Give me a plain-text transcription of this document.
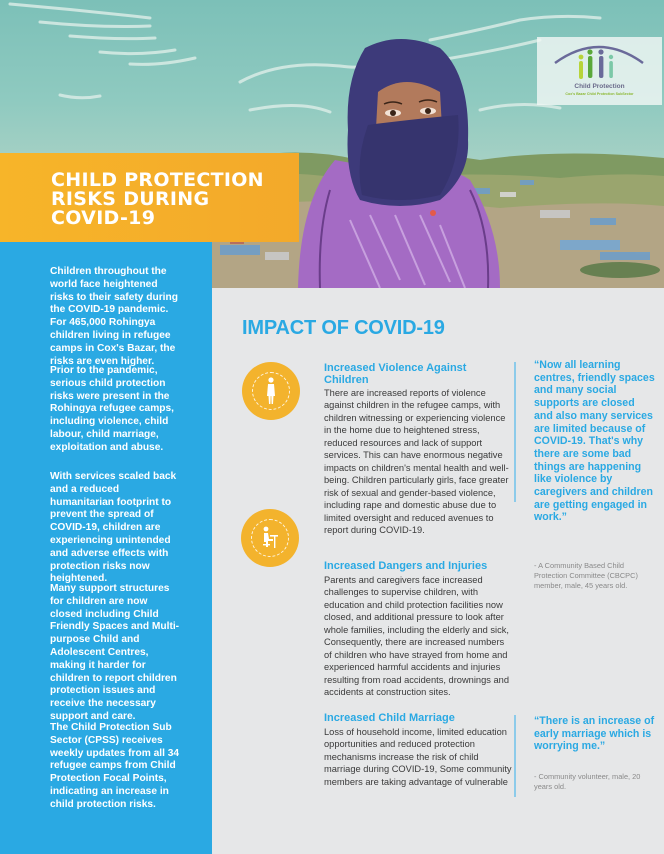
Child Protection
Cox's Bazar Child Protection SubSector
CHILD PROTECTION RISKS DURING COVID-19

Children throughout the world face heightened risks to their safety during the COVID-19 pandemic. For 465,000 Rohingya children living in refugee camps in Cox's Bazar, the risks are even higher.

Prior to the pandemic, serious child protection risks were present in the Rohingya refugee camps, including violence, child labour, child marriage, exploitation and abuse.

With services scaled back and a reduced humanitarian footprint to prevent the spread of COVID-19, children are experiencing unintended and adverse effects with protection risks now heightened.

Many support structures for children are now closed including Child Friendly Spaces and Multi-purpose Child and Adolescent Centres, making it harder for children to report children protection issues and receive the necessary support and care.

The Child Protection Sub Sector (CPSS) receives weekly updates from all 34 refugee camps from Child Protection Focal Points, indicating an increase in child protection risks.

IMPACT OF COVID-19
Increased Violence Against Children
There are increased reports of violence against children in the refugee camps, with children witnessing or experiencing violence in the home due to heightened stress, reduced resources and lack of support services. This can have enormous negative impacts on children's mental health and well-being. Children particularly girls, face greater risk of sexual and gender-based violence, including rape and domestic abuse due to limited oversight and reduced avenues to report during COVID-19.
Increased Dangers and Injuries
Parents and caregivers face increased challenges to supervise children, with education and child protection facilities now closed, and additional pressure to look after whole families, including the elderly and sick, Consequently, there are increased numbers of children who have strayed from home and experienced harmful accidents and injuries resulting from road accidents, drownings and accidents at construction sites.
Increased Child Marriage
Loss of household income, limited education opportunities and reduced protection mechanisms increase the risk of child marriage during COVID-19, Some community members are taking advantage of vulnerable
“Now all learning centres, friendly spaces and many social supports are closed and also many services are limited because of COVID-19. That's why there are some bad things are happening like violence by caregivers and children are getting engaged in work.”
- A Community Based Child Protection Committee (CBCPC) member, male, 45 years old.
“There is an increase of early marriage which is worrying me.”
- Community volunteer, male, 20 years old.
